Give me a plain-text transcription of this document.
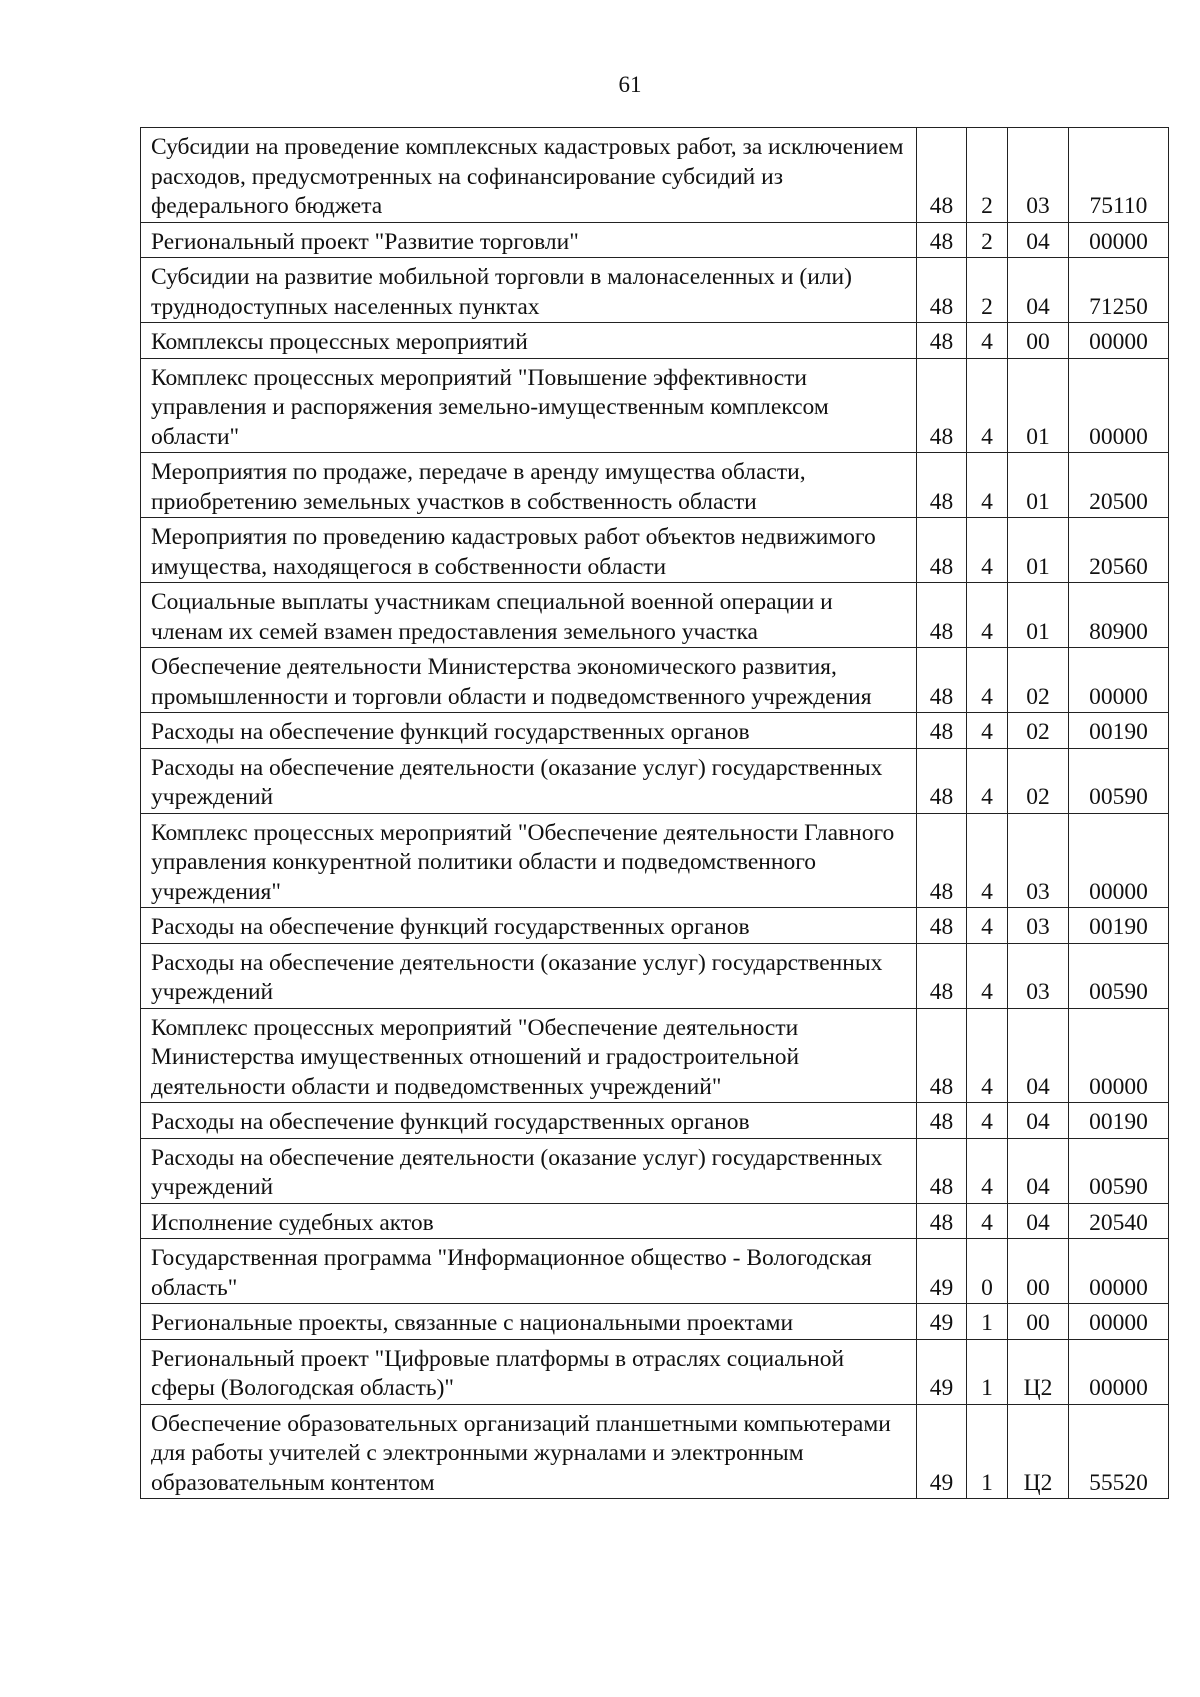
61
Субсидии на проведение комплексных кадастровых работ, за исключением расходов, предусмотренных на софинансирование субсидий из федерального бюджета	48	2	03	75110
Региональный проект "Развитие торговли"	48	2	04	00000
Субсидии на развитие мобильной торговли в малонаселенных и (или) труднодоступных населенных пунктах	48	2	04	71250
Комплексы процессных мероприятий	48	4	00	00000
Комплекс процессных мероприятий "Повышение эффективности управления и распоряжения земельно-имущественным комплексом области"	48	4	01	00000
Мероприятия по продаже, передаче в аренду имущества области, приобретению земельных участков в собственность области	48	4	01	20500
Мероприятия по проведению кадастровых работ объектов недвижимого имущества, находящегося в собственности области	48	4	01	20560
Социальные выплаты участникам специальной военной операции и членам их семей взамен предоставления земельного участка	48	4	01	80900
Обеспечение деятельности Министерства экономического развития, промышленности и торговли области и подведомственного учреждения	48	4	02	00000
Расходы на обеспечение функций государственных органов	48	4	02	00190
Расходы на обеспечение деятельности (оказание услуг) государственных учреждений	48	4	02	00590
Комплекс процессных мероприятий "Обеспечение деятельности Главного управления конкурентной политики области и подведомственного учреждения"	48	4	03	00000
Расходы на обеспечение функций государственных органов	48	4	03	00190
Расходы на обеспечение деятельности (оказание услуг) государственных учреждений	48	4	03	00590
Комплекс процессных мероприятий "Обеспечение деятельности Министерства имущественных отношений и градостроительной деятельности области и подведомственных учреждений"	48	4	04	00000
Расходы на обеспечение функций государственных органов	48	4	04	00190
Расходы на обеспечение деятельности (оказание услуг) государственных учреждений	48	4	04	00590
Исполнение судебных актов	48	4	04	20540
Государственная программа "Информационное общество - Вологодская область"	49	0	00	00000
Региональные проекты, связанные с национальными проектами	49	1	00	00000
Региональный проект "Цифровые платформы в отраслях социальной сферы (Вологодская область)"	49	1	Ц2	00000
Обеспечение образовательных организаций планшетными компьютерами для работы учителей с электронными журналами и электронным образовательным контентом	49	1	Ц2	55520
